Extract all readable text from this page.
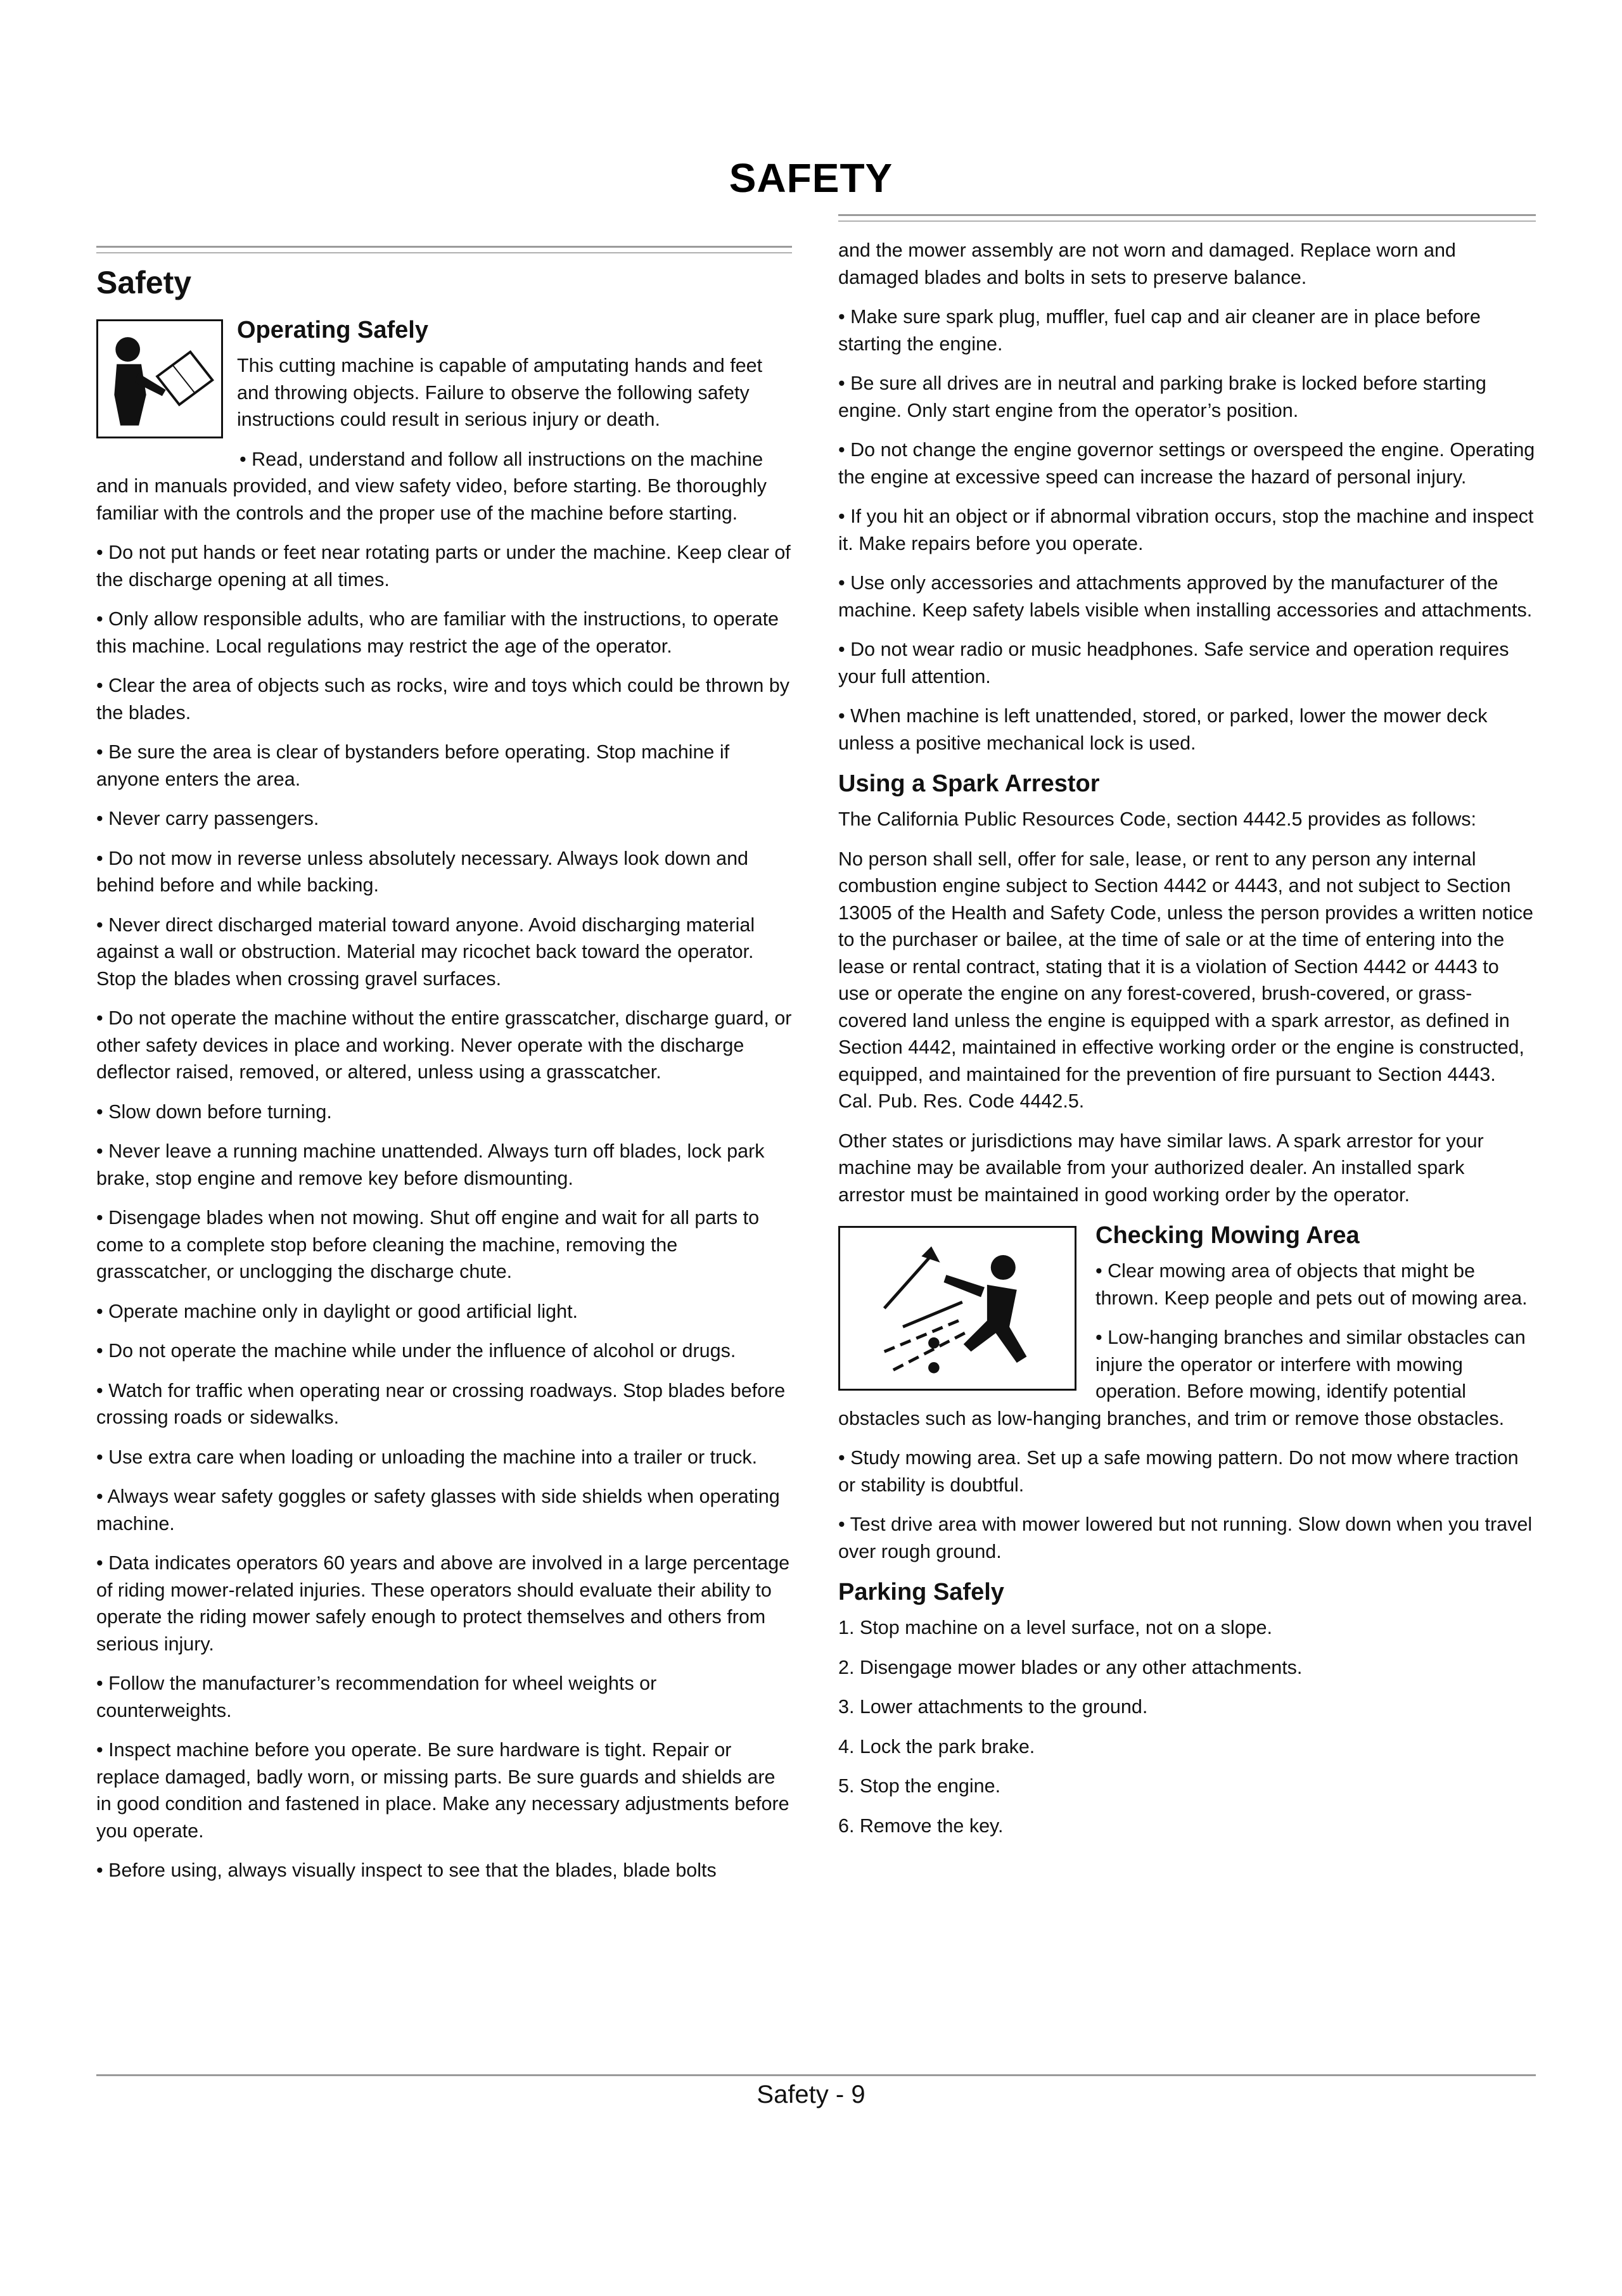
SAFETY
Safety
Operating Safely

This cutting machine is capable of amputating hands and feet and throwing objects. Failure to observe the following safety instructions could result in serious injury or death.

• Read, understand and follow all instructions on the machine and in manuals provided, and view safety video, before starting. Be thoroughly familiar with the controls and the proper use of the machine before starting.

• Do not put hands or feet near rotating parts or under the machine. Keep clear of the discharge opening at all times.

• Only allow responsible adults, who are familiar with the instructions, to operate this machine. Local regulations may restrict the age of the operator.

• Clear the area of objects such as rocks, wire and toys which could be thrown by the blades.

• Be sure the area is clear of bystanders before operating. Stop machine if anyone enters the area.

• Never carry passengers.

• Do not mow in reverse unless absolutely necessary. Always look down and behind before and while backing.

• Never direct discharged material toward anyone. Avoid discharging material against a wall or obstruction. Material may ricochet back toward the operator. Stop the blades when crossing gravel surfaces.

• Do not operate the machine without the entire grasscatcher, discharge guard, or other safety devices in place and working. Never operate with the discharge deflector raised, removed, or altered, unless using a grasscatcher.

• Slow down before turning.

• Never leave a running machine unattended. Always turn off blades, lock park brake, stop engine and remove key before dismounting.

• Disengage blades when not mowing. Shut off engine and wait for all parts to come to a complete stop before cleaning the machine, removing the grasscatcher, or unclogging the discharge chute.

• Operate machine only in daylight or good artificial light.

• Do not operate the machine while under the influence of alcohol or drugs.

• Watch for traffic when operating near or crossing roadways. Stop blades before crossing roads or sidewalks.

• Use extra care when loading or unloading the machine into a trailer or truck.

• Always wear safety goggles or safety glasses with side shields when operating machine.

• Data indicates operators 60 years and above are involved in a large percentage of riding mower-related injuries. These operators should evaluate their ability to operate the riding mower safely enough to protect themselves and others from serious injury.

• Follow the manufacturer’s recommendation for wheel weights or counterweights.

• Inspect machine before you operate. Be sure hardware is tight. Repair or replace damaged, badly worn, or missing parts. Be sure guards and shields are in good condition and fastened in place. Make any necessary adjustments before you operate.

• Before using, always visually inspect to see that the blades, blade bolts

and the mower assembly are not worn and damaged. Replace worn and damaged blades and bolts in sets to preserve balance.

• Make sure spark plug, muffler, fuel cap and air cleaner are in place before starting the engine.

• Be sure all drives are in neutral and parking brake is locked before starting engine. Only start engine from the operator’s position.

• Do not change the engine governor settings or overspeed the engine. Operating the engine at excessive speed can increase the hazard of personal injury.

• If you hit an object or if abnormal vibration occurs, stop the machine and inspect it. Make repairs before you operate.

• Use only accessories and attachments approved by the manufacturer of the machine. Keep safety labels visible when installing accessories and attachments.

• Do not wear radio or music headphones. Safe service and operation requires your full attention.

• When machine is left unattended, stored, or parked, lower the mower deck unless a positive mechanical lock is used.

Using a Spark Arrestor

The California Public Resources Code, section 4442.5 provides as follows:

No person shall sell, offer for sale, lease, or rent to any person any internal combustion engine subject to Section 4442 or 4443, and not subject to Section 13005 of the Health and Safety Code, unless the person provides a written notice to the purchaser or bailee, at the time of sale or at the time of entering into the lease or rental contract, stating that it is a violation of Section 4442 or 4443 to use or operate the engine on any forest-covered, brush-covered, or grass-covered land unless the engine is equipped with a spark arrestor, as defined in Section 4442, maintained in effective working order or the engine is constructed, equipped, and maintained for the prevention of fire pursuant to Section 4443. Cal. Pub. Res. Code 4442.5.

Other states or jurisdictions may have similar laws. A spark arrestor for your machine may be available from your authorized dealer. An installed spark arrestor must be maintained in good working order by the operator.

Checking Mowing Area

• Clear mowing area of objects that might be thrown. Keep people and pets out of mowing area.

• Low-hanging branches and similar obstacles can injure the operator or interfere with mowing operation. Before mowing, identify potential obstacles such as low-hanging branches, and trim or remove those obstacles.

• Study mowing area. Set up a safe mowing pattern. Do not mow where traction or stability is doubtful.

• Test drive area with mower lowered but not running. Slow down when you travel over rough ground.

Parking Safely

1. Stop machine on a level surface, not on a slope.

2. Disengage mower blades or any other attachments.

3. Lower attachments to the ground.

4. Lock the park brake.

5. Stop the engine.

6. Remove the key.

Safety - 9
